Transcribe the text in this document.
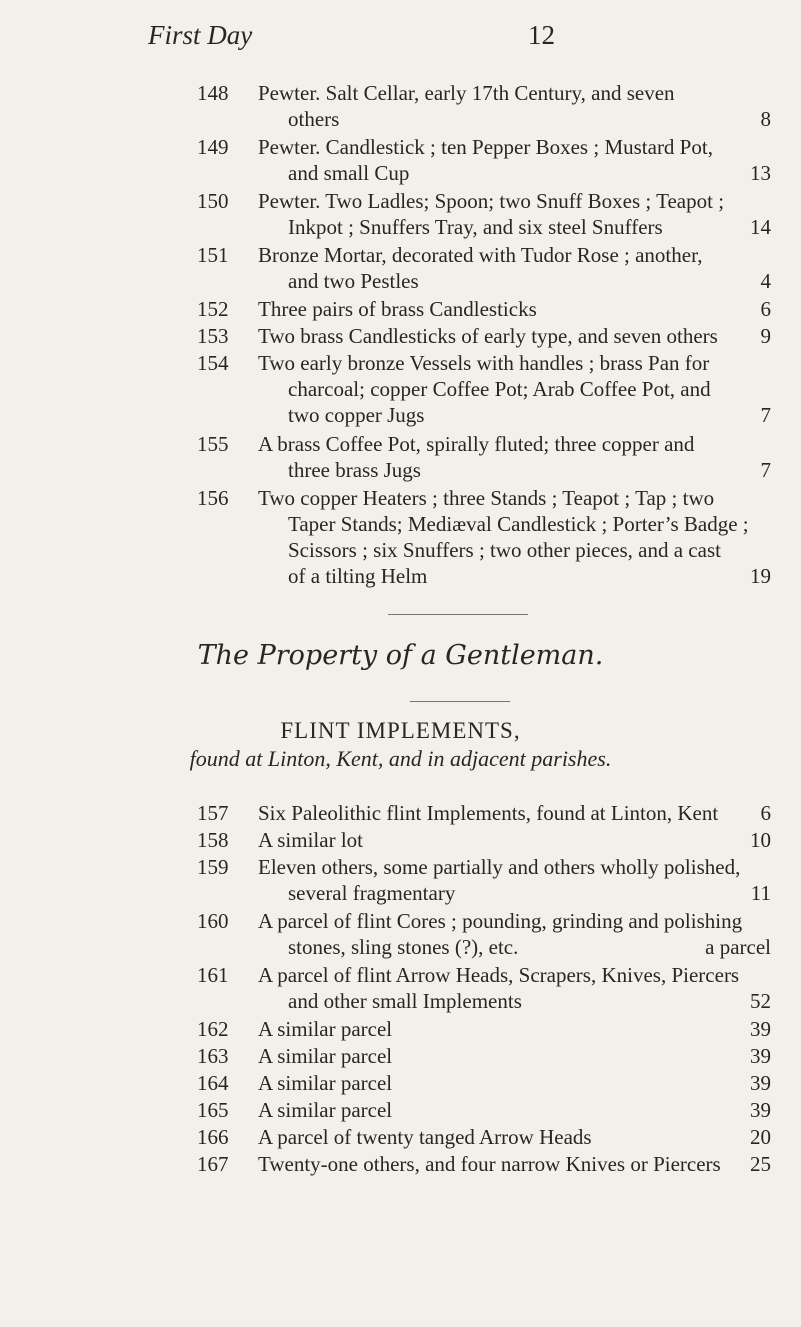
First Day	12
148	Pewter. Salt Cellar, early 17th Century, and seven
others	8
149	Pewter. Candlestick ; ten Pepper Boxes ; Mustard Pot,
and small Cup	13
150	Pewter. Two Ladles; Spoon; two Snuff Boxes ; Teapot ;
Inkpot ; Snuffers Tray, and six steel Snuffers	14
151	Bronze Mortar, decorated with Tudor Rose ; another,
and two Pestles	4
152	Three pairs of brass Candlesticks	6
153	Two brass Candlesticks of early type, and seven others 9
154	Two early bronze Vessels with handles ; brass Pan for
charcoal; copper Coffee Pot; Arab Coffee Pot, and
two copper Jugs	7
155	A brass Coffee Pot, spirally fluted; three copper and
three brass Jugs	7
156	Two copper Heaters ; three Stands ; Teapot ; Tap ; two
Taper Stands; Mediæval Candlestick ; Porter’s Badge ;
Scissors ; six Snuffers ; two other pieces, and a cast
of a tilting Helm	19
The Property of a Gentleman.
FLINT IMPLEMENTS,
found at Linton, Kent, and in adjacent parishes.
157	Six Paleolithic flint Implements, found at Linton, Kent 6
158	A similar lot	10
159	Eleven others, some partially and others wholly polished,
several fragmentary	11
160	A parcel of flint Cores ; pounding, grinding and polishing
stones, sling stones (?), etc.	a parcel
161	A parcel of flint Arrow Heads, Scrapers, Knives, Piercers
and other small Implements	52
162	A similar parcel	39
163	A similar parcel	39
164	A similar parcel	39
165	A similar parcel	39
166	A parcel of twenty tanged Arrow Heads	20
167	Twenty-one others, and four narrow Knives or Piercers 25
